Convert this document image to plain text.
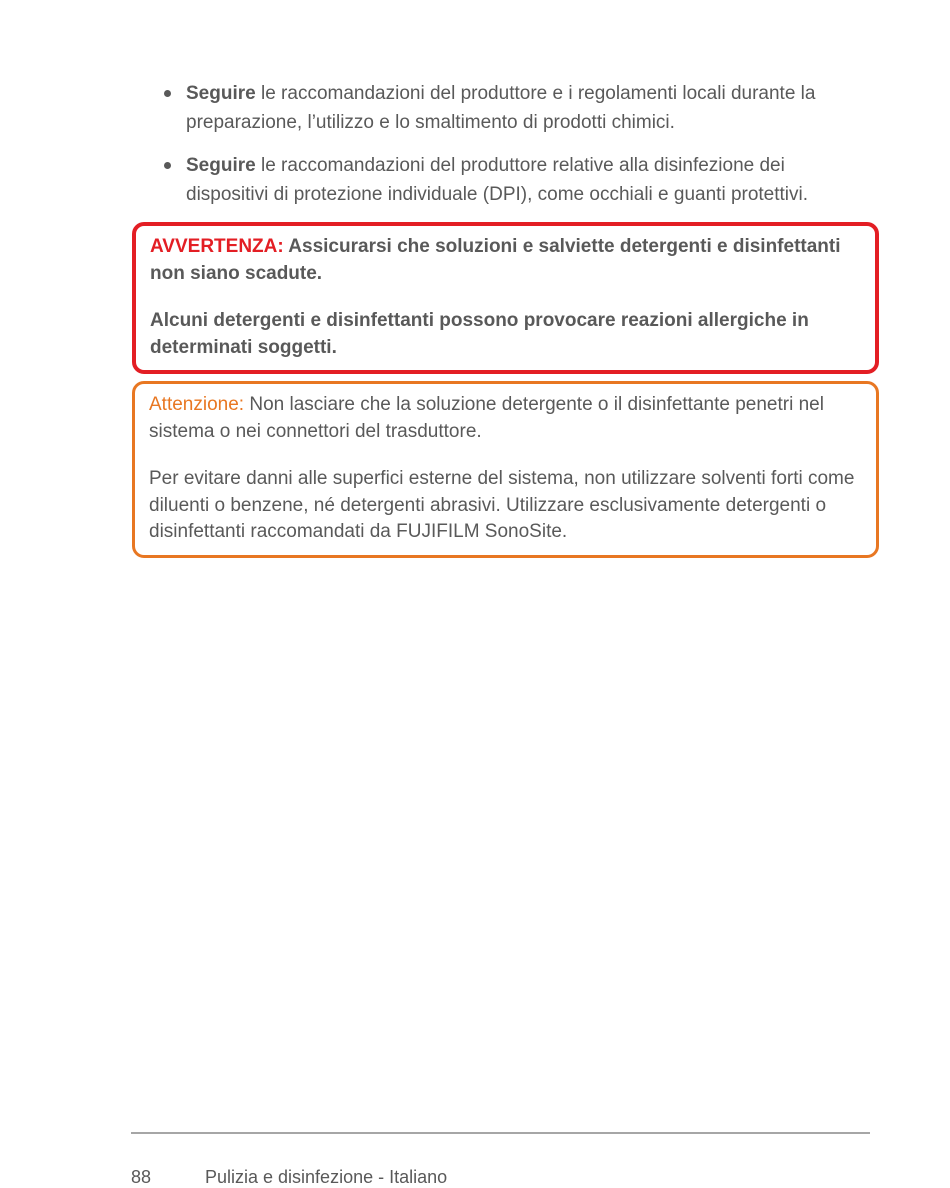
Seguire le raccomandazioni del produttore e i regolamenti locali durante la preparazione, l’utilizzo e lo smaltimento di prodotti chimici.
Seguire le raccomandazioni del produttore relative alla disinfezione dei dispositivi di protezione individuale (DPI), come occhiali e guanti protettivi.

AVVERTENZA: Assicurarsi che soluzioni e salviette detergenti e disinfettanti non siano scadute.

Alcuni detergenti e disinfettanti possono provocare reazioni allergiche in determinati soggetti.

Attenzione: Non lasciare che la soluzione detergente o il disinfettante penetri nel sistema o nei connettori del trasduttore.

Per evitare danni alle superfici esterne del sistema, non utilizzare solventi forti come diluenti o benzene, né detergenti abrasivi. Utilizzare esclusivamente detergenti o disinfettanti raccomandati da FUJIFILM SonoSite.

88	Pulizia e disinfezione - Italiano
